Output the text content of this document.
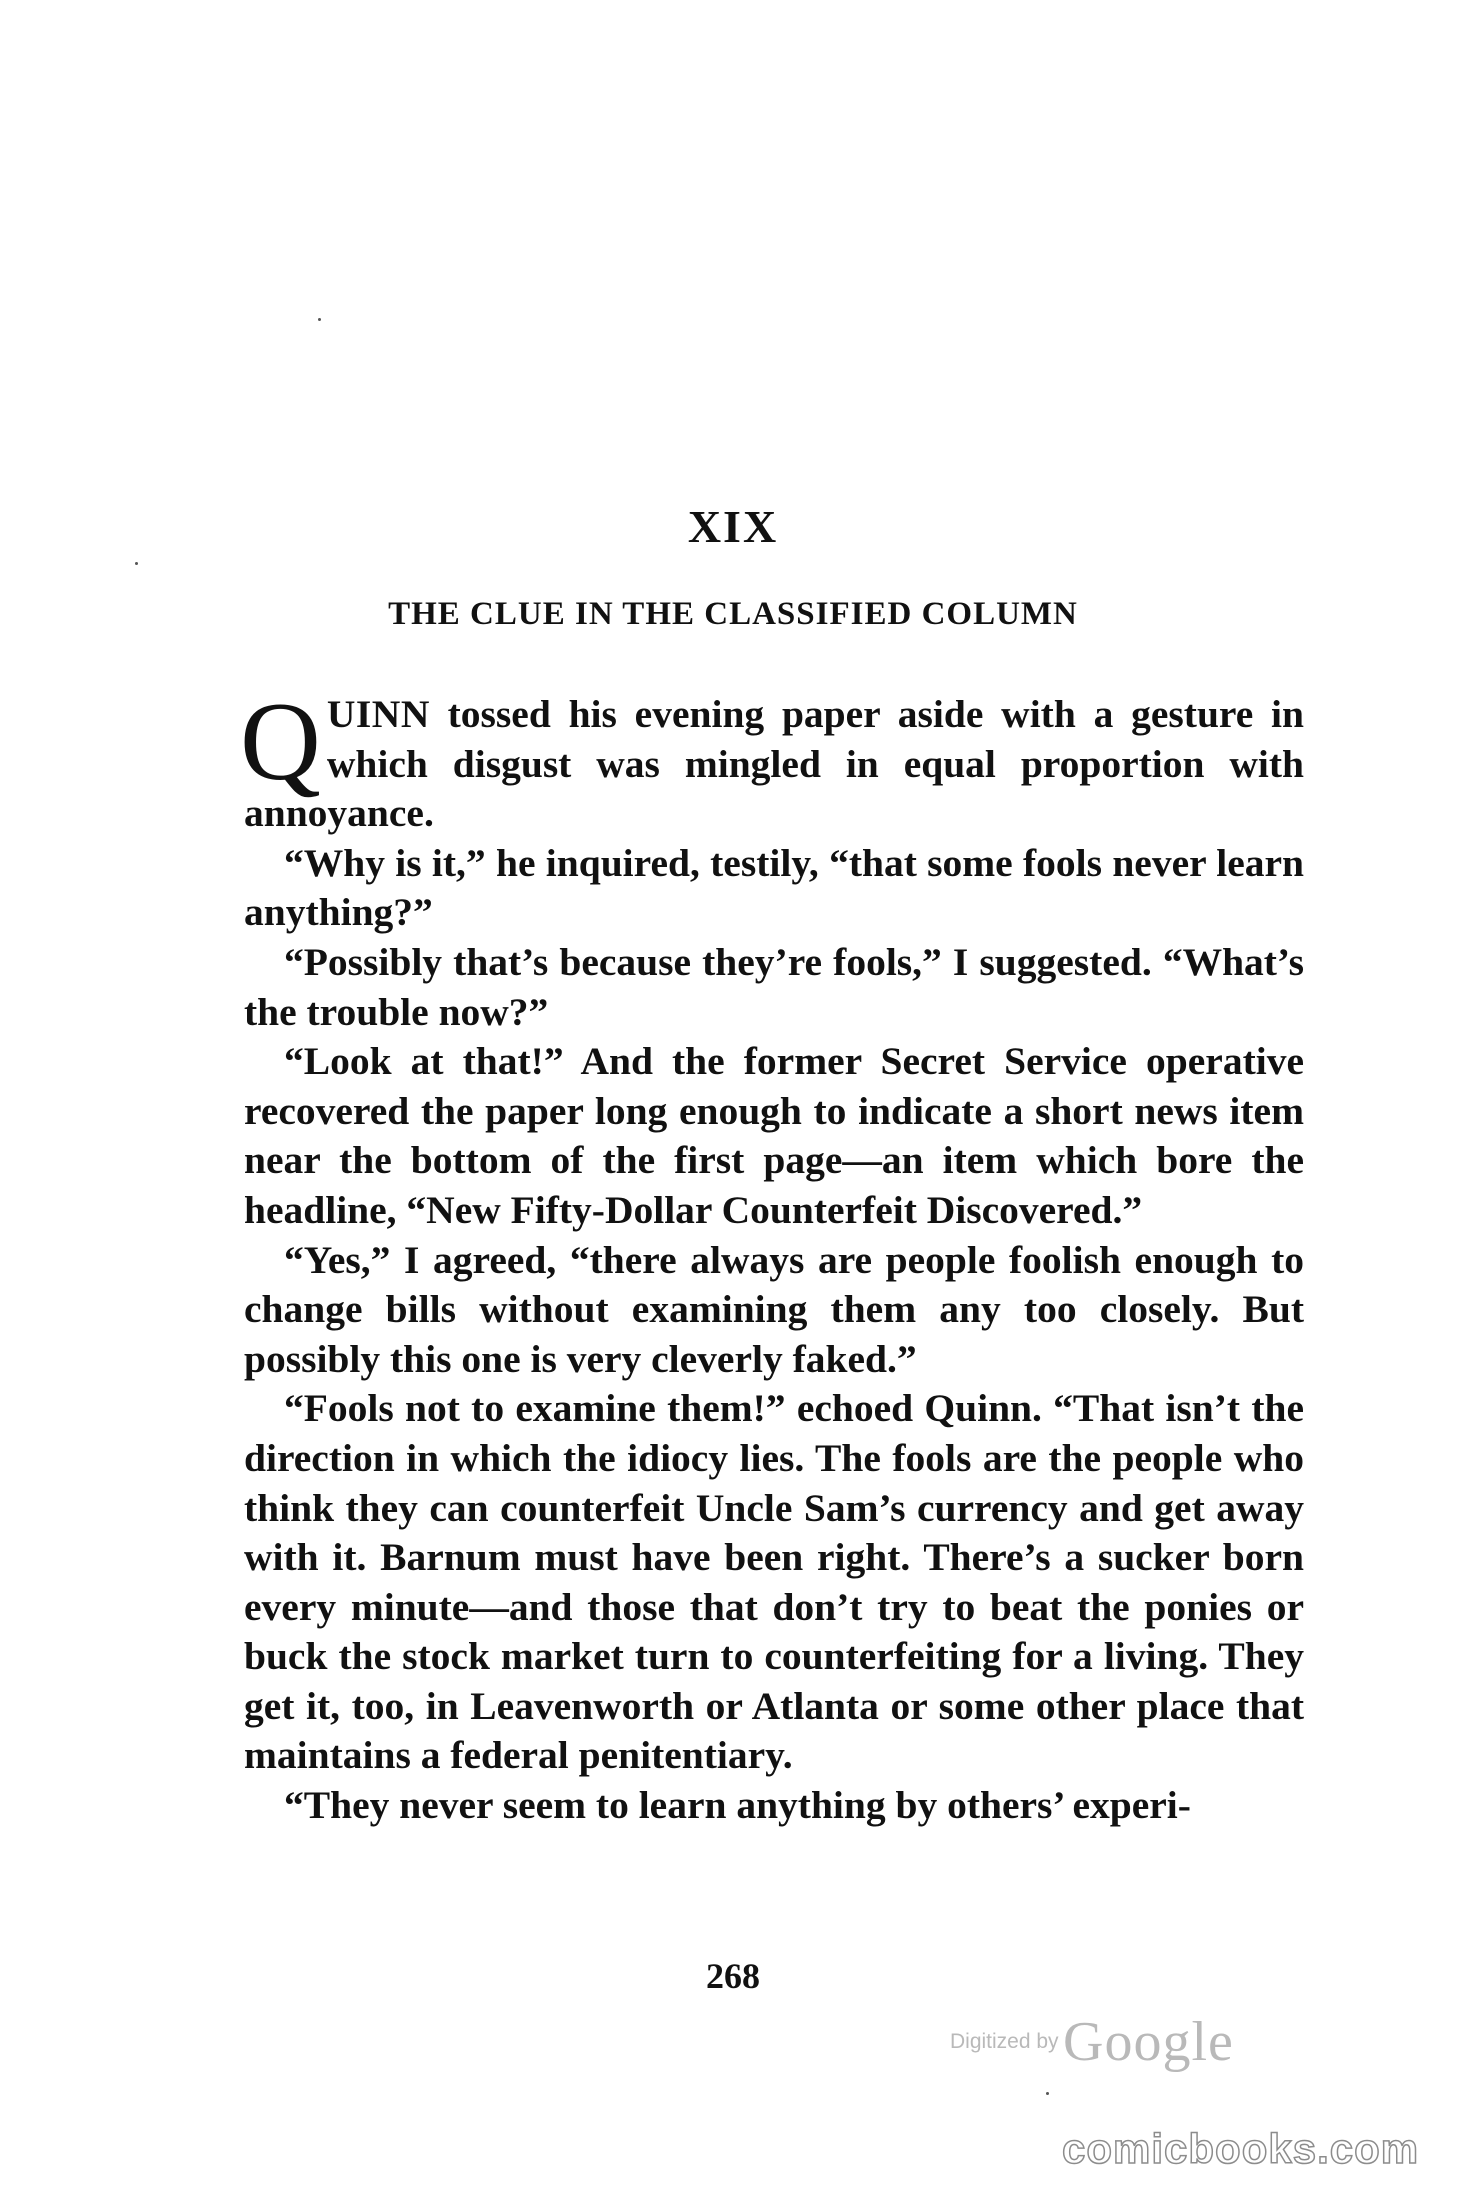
XIX
THE CLUE IN THE CLASSIFIED COLUMN

QUINN tossed his evening paper aside with a gesture in which disgust was mingled in equal proportion with annoyance.

“Why is it,” he inquired, testily, “that some fools never learn anything?”

“Possibly that’s because they’re fools,” I suggested. “What’s the trouble now?”

“Look at that!” And the former Secret Service operative recovered the paper long enough to indicate a short news item near the bottom of the first page—an item which bore the headline, “New Fifty-Dollar Counterfeit Discovered.”

“Yes,” I agreed, “there always are people foolish enough to change bills without examining them any too closely. But possibly this one is very cleverly faked.”

“Fools not to examine them!” echoed Quinn. “That isn’t the direction in which the idiocy lies. The fools are the people who think they can counterfeit Uncle Sam’s currency and get away with it. Barnum must have been right. There’s a sucker born every minute—and those that don’t try to beat the ponies or buck the stock market turn to counterfeiting for a living. They get it, too, in Leavenworth or Atlanta or some other place that maintains a federal penitentiary.

“They never seem to learn anything by others’ experi-

268
Digitized by Google
comicbooks.com
